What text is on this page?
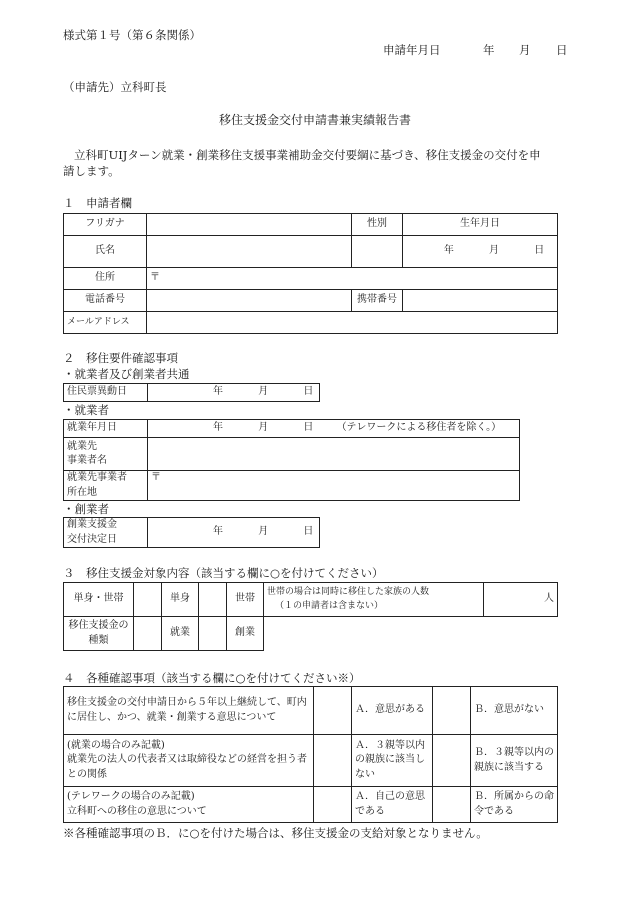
様式第１号（第６条関係）
申請年月日	年 月 日
（申請先）立科町長
移住支援金交付申請書兼実績報告書
立科町UIJターン就業・創業移住支援事業補助金交付要綱に基づき、移住支援金の交付を申
請します。
１　申請者欄
フリガナ		性別	生年月日
氏名			年 月 日
住所	〒		
電話番号		携帯番号	
メールアドレス			
２　移住要件確認事項
・就業者及び創業者共通
住民票異動日	年	月	日
・就業者
就業年月日	年 月 日 （テレワークによる移住者を除く。）
就業先
事業者名	
就業先事業者
所在地	〒
・創業者
創業支援金
交付決定日	年	月	日
３　移住支援金対象内容（該当する欄に○を付けてください）
単身・世帯		単身		世帯	世帯の場合は同時に移住した家族の人数
（１の申請者は含まない）	人
移住支援金の
種類		就業		創業		
４　各種確認事項（該当する欄に○を付けてください※）
移住支援金の交付申請日から５年以上継続して、町内
に居住し、かつ、就業・創業する意思について		Ａ．意思がある		Ｂ．意思がない
(就業の場合のみ記載)
就業先の法人の代表者又は取締役などの経営を担う者
との関係		Ａ．３親等以内
の親族に該当し
ない		Ｂ．３親等以内の
親族に該当する
(テレワークの場合のみ記載)
立科町への移住の意思について		Ａ．自己の意思
である		Ｂ．所属からの命
令である
※各種確認事項のＢ．に○を付けた場合は、移住支援金の支給対象となりません。
